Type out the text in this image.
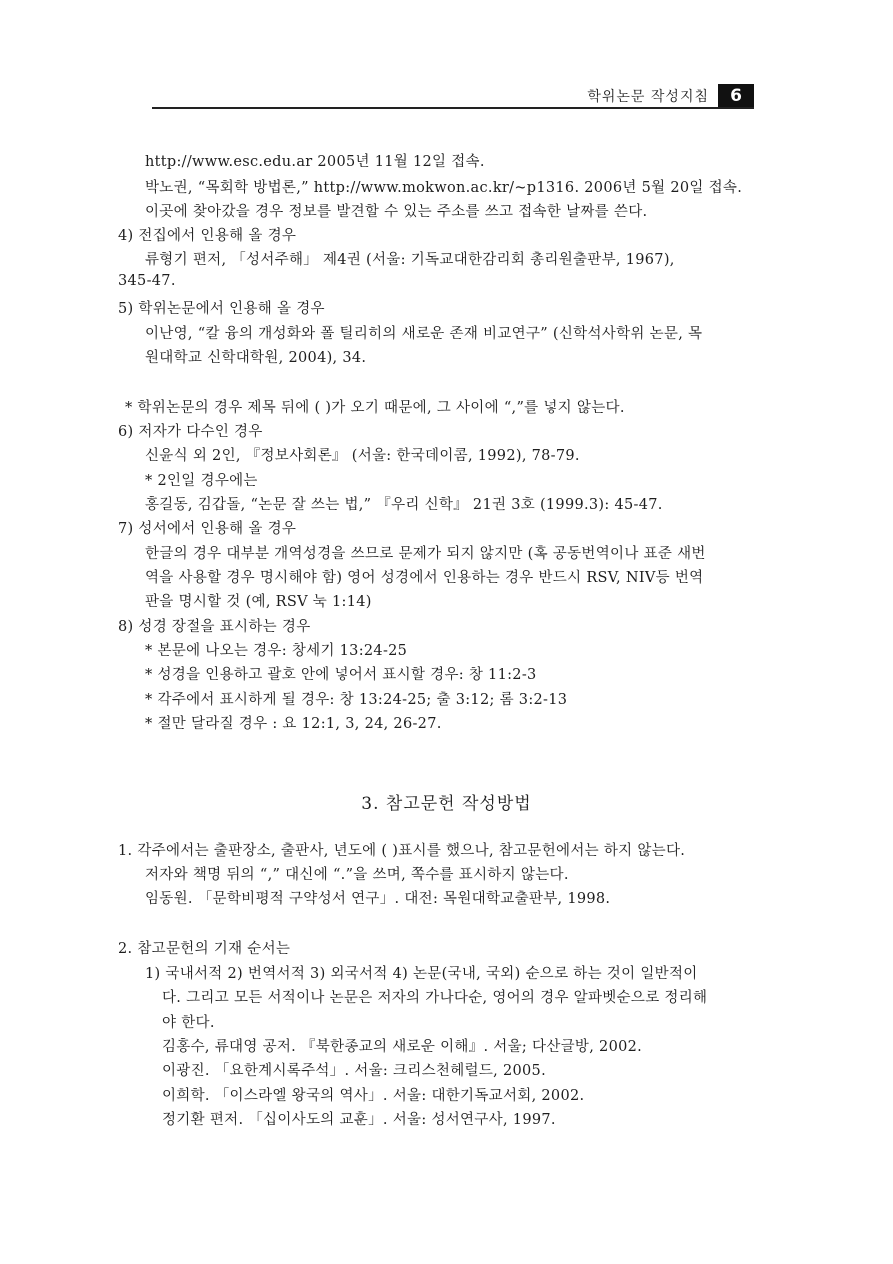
학위논문 작성지침	6
http://www.esc.edu.ar 2005년 11월 12일 접속.
박노권, “목회학 방법론,” http://www.mokwon.ac.kr/~p1316. 2006년 5월 20일 접속.
이곳에 찾아갔을 경우 정보를 발견할 수 있는 주소를 쓰고 접속한 날짜를 쓴다.
4) 전집에서 인용해 올 경우
류형기 편저, 「성서주해」 제4권 (서울: 기독교대한감리회 총리원출판부, 1967),
345-47.
5) 학위논문에서 인용해 올 경우
이난영, “칼 융의 개성화와 폴 틸리히의 새로운 존재 비교연구” (신학석사학위 논문, 목
원대학교 신학대학원, 2004), 34.
* 학위논문의 경우 제목 뒤에 ( )가 오기 때문에, 그 사이에 “,”를 넣지 않는다.
6) 저자가 다수인 경우
신윤식 외 2인, 『정보사회론』 (서울: 한국데이콤, 1992), 78-79.
* 2인일 경우에는
홍길동, 김갑돌, “논문 잘 쓰는 법,” 『우리 신학』 21권 3호 (1999.3): 45-47.
7) 성서에서 인용해 올 경우
한글의 경우 대부분 개역성경을 쓰므로 문제가 되지 않지만 (혹 공동번역이나 표준 새번
역을 사용할 경우 명시해야 함) 영어 성경에서 인용하는 경우 반드시 RSV, NIV등 번역
판을 명시할 것 (예, RSV 눅 1:14)
8) 성경 장절을 표시하는 경우
* 본문에 나오는 경우: 창세기 13:24-25
* 성경을 인용하고 괄호 안에 넣어서 표시할 경우: 창 11:2-3
* 각주에서 표시하게 될 경우: 창 13:24-25; 출 3:12; 롬 3:2-13
* 절만 달라질 경우 : 요 12:1, 3, 24, 26-27.
3. 참고문헌 작성방법
1. 각주에서는 출판장소, 출판사, 년도에 ( )표시를 했으나, 참고문헌에서는 하지 않는다.
저자와 책명 뒤의 “,” 대신에 “.”을 쓰며, 쪽수를 표시하지 않는다.
임동원. 「문학비평적 구약성서 연구」. 대전: 목원대학교출판부, 1998.
2. 참고문헌의 기재 순서는
1) 국내서적 2) 번역서적 3) 외국서적 4) 논문(국내, 국외) 순으로 하는 것이 일반적이
다. 그리고 모든 서적이나 논문은 저자의 가나다순, 영어의 경우 알파벳순으로 정리해
야 한다.
김홍수, 류대영 공저. 『북한종교의 새로운 이해』. 서울; 다산글방, 2002.
이광진. 「요한계시록주석」. 서울: 크리스천헤럴드, 2005.
이희학. 「이스라엘 왕국의 역사」. 서울: 대한기독교서회, 2002.
정기환 편저. 「십이사도의 교훈」. 서울: 성서연구사, 1997.
